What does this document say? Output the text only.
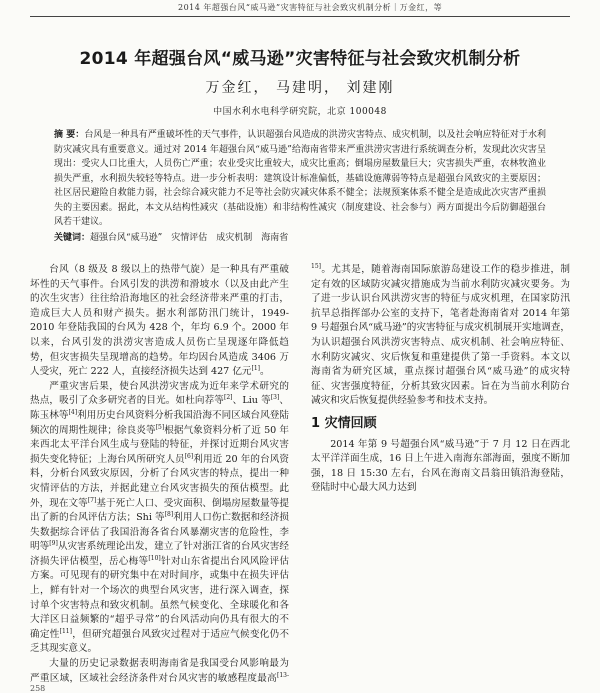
2014 年超强台风“威马逊”灾害特征与社会致灾机制分析｜万金红，等
2014 年超强台风“威马逊”灾害特征与社会致灾机制分析
万金红， 马建明， 刘建刚
中国水利水电科学研究院，北京 100048
摘 要：台风是一种具有严重破坏性的天气事件，认识超强台风造成的洪涝灾害特点、成灾机制，以及社会响应特征对于水利防灾减灾具有重要意义。通过对 2014 年超强台风“威马逊”给海南省带来严重洪涝灾害进行系统调查分析，发现此次灾害呈现出：受灾人口比重大，人员伤亡严重；农业受灾比重较大，成灾比重高；倒塌房屋数量巨大；灾害损失严重，农林牧渔业损失严重，水利损失较轻等特点。进一步分析表明：建筑设计标准偏低，基础设施薄弱等特点是超强台风致灾的主要原因；社区居民避险自救能力弱，社会综合减灾能力不足等社会防灾减灾体系不健全；法规预案体系不健全是造成此次灾害严重损失的主要因素。据此，本文从结构性减灾（基础设施）和非结构性减灾（制度建设、社会参与）两方面提出今后防御超强台风若干建议。
关键词：超强台风“威马逊”　灾情评估　成灾机制　海南省

台风（8 级及 8 级以上的热带气旋）是一种具有严重破坏性的天气事件。台风引发的洪涝和滑坡水（以及由此产生的次生灾害）往往给沿海地区的社会经济带来严重的打击，造成巨大人员和财产损失。据水利部防汛门统计，1949-2010 年登陆我国的台风为 428 个，年均 6.9 个。2000 年以来，台风引发的洪涝灾害造成人员伤亡呈现逐年降低趋势，但灾害损失呈现增高的趋势。年均因台风造成 3406 万人受灾，死亡 222 人，直接经济损失达到 427 亿元[1]。

严重灾害后果，使台风洪涝灾害成为近年来学术研究的热点，吸引了众多研究者的目光。如杜向荐等[2]、Liu 等[3]、陈玉林等[4]利用历史台风资料分析我国沿海不同区域台风登陆频次的周期性规律；徐良炎等[5]根据气象资料分析了近 50 年来西北太平洋台风生成与登陆的特征，并探讨近期台风灾害损失变化特征；上海台风所研究人员[6]利用近 20 年的台风资料，分析台风致灾原因，分析了台风灾害的特点，提出一种灾情评估的方法，并据此建立台风灾害损失的预估模型。此外，现在文等[7]基于死亡人口、受灾面积、倒塌房屋数量等提出了新的台风评估方法；Shi 等[8]利用人口伤亡数据和经济损失数据综合评估了我国沿海各省台风暴潮灾害的危险性，李明等[9]从灾害系统理论出发，建立了针对浙江省的台风灾害经济损失评估模型，岳心梅等[10]针对山东省提出台风风险评估方案。可见现有的研究集中在对时间序，或集中在损失评估上，鲜有针对一个场次的典型台风灾害，进行深入调查，探讨单个灾害特点和致灾机制。虽然气候变化、全球暖化和各大洋区日益频繁的“超乎寻常”的台风活动向仍具有很大的不确定性[11]，但研究超强台风致灾过程对于适应气候变化仍不乏其现实意义。

大量的历史记录数据表明海南省是我国受台风影响最为严重区域，区域社会经济条件对台风灾害的敏感程度最高[13-15]。尤其是，随着海南国际旅游岛建设工作的稳步推进，制定有效的区域防灾减灾措施成为当前水利防灾减灾要务。为了进一步认识台风洪涝灾害的特征与成灾机理，在国家防汛抗旱总指挥部办公室的支持下，笔者赴海南省对 2014 年第 9 号超强台风“威马逊”的灾害特征与成灾机制展开实地调查，为认识超强台风洪涝灾害特点、成灾机制、社会响应特征、水利防灾减灾、灾后恢复和重建提供了第一手资料。本文以海南省为研究区域，重点探讨超强台风“威马逊”的成灾特征、灾害强度特征，分析其致灾因素。旨在为当前水利防台减灾和灾后恢复提供经验参考和技术支持。

1 灾情回顾

2014 年第 9 号超强台风“威马逊”于 7 月 12 日在西北太平洋洋面生成，16 日上午进入南海东部海面，强度不断加强，18 日 15:30 左右，台风在海南文昌翁田镇沿海登陆，登陆时中心最大风力达到

258
